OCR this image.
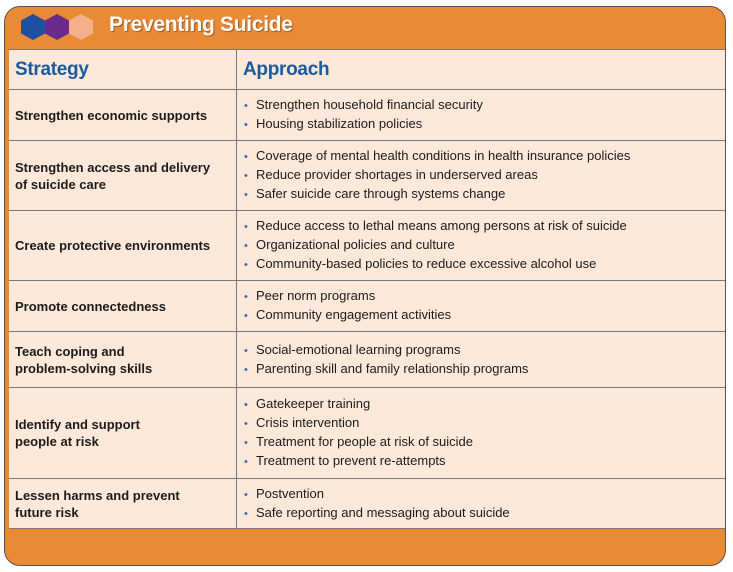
Preventing Suicide
Strategy	Approach
Strengthen economic supports
• Strengthen household financial security
• Housing stabilization policies
Strengthen access and delivery
of suicide care
• Coverage of mental health conditions in health insurance policies
• Reduce provider shortages in underserved areas
• Safer suicide care through systems change
Create protective environments
• Reduce access to lethal means among persons at risk of suicide
• Organizational policies and culture
• Community-based policies to reduce excessive alcohol use
Promote connectedness
• Peer norm programs
• Community engagement activities
Teach coping and
problem-solving skills
• Social-emotional learning programs
• Parenting skill and family relationship programs
Identify and support
people at risk
• Gatekeeper training
• Crisis intervention
• Treatment for people at risk of suicide
• Treatment to prevent re-attempts
Lessen harms and prevent
future risk
• Postvention
• Safe reporting and messaging about suicide
